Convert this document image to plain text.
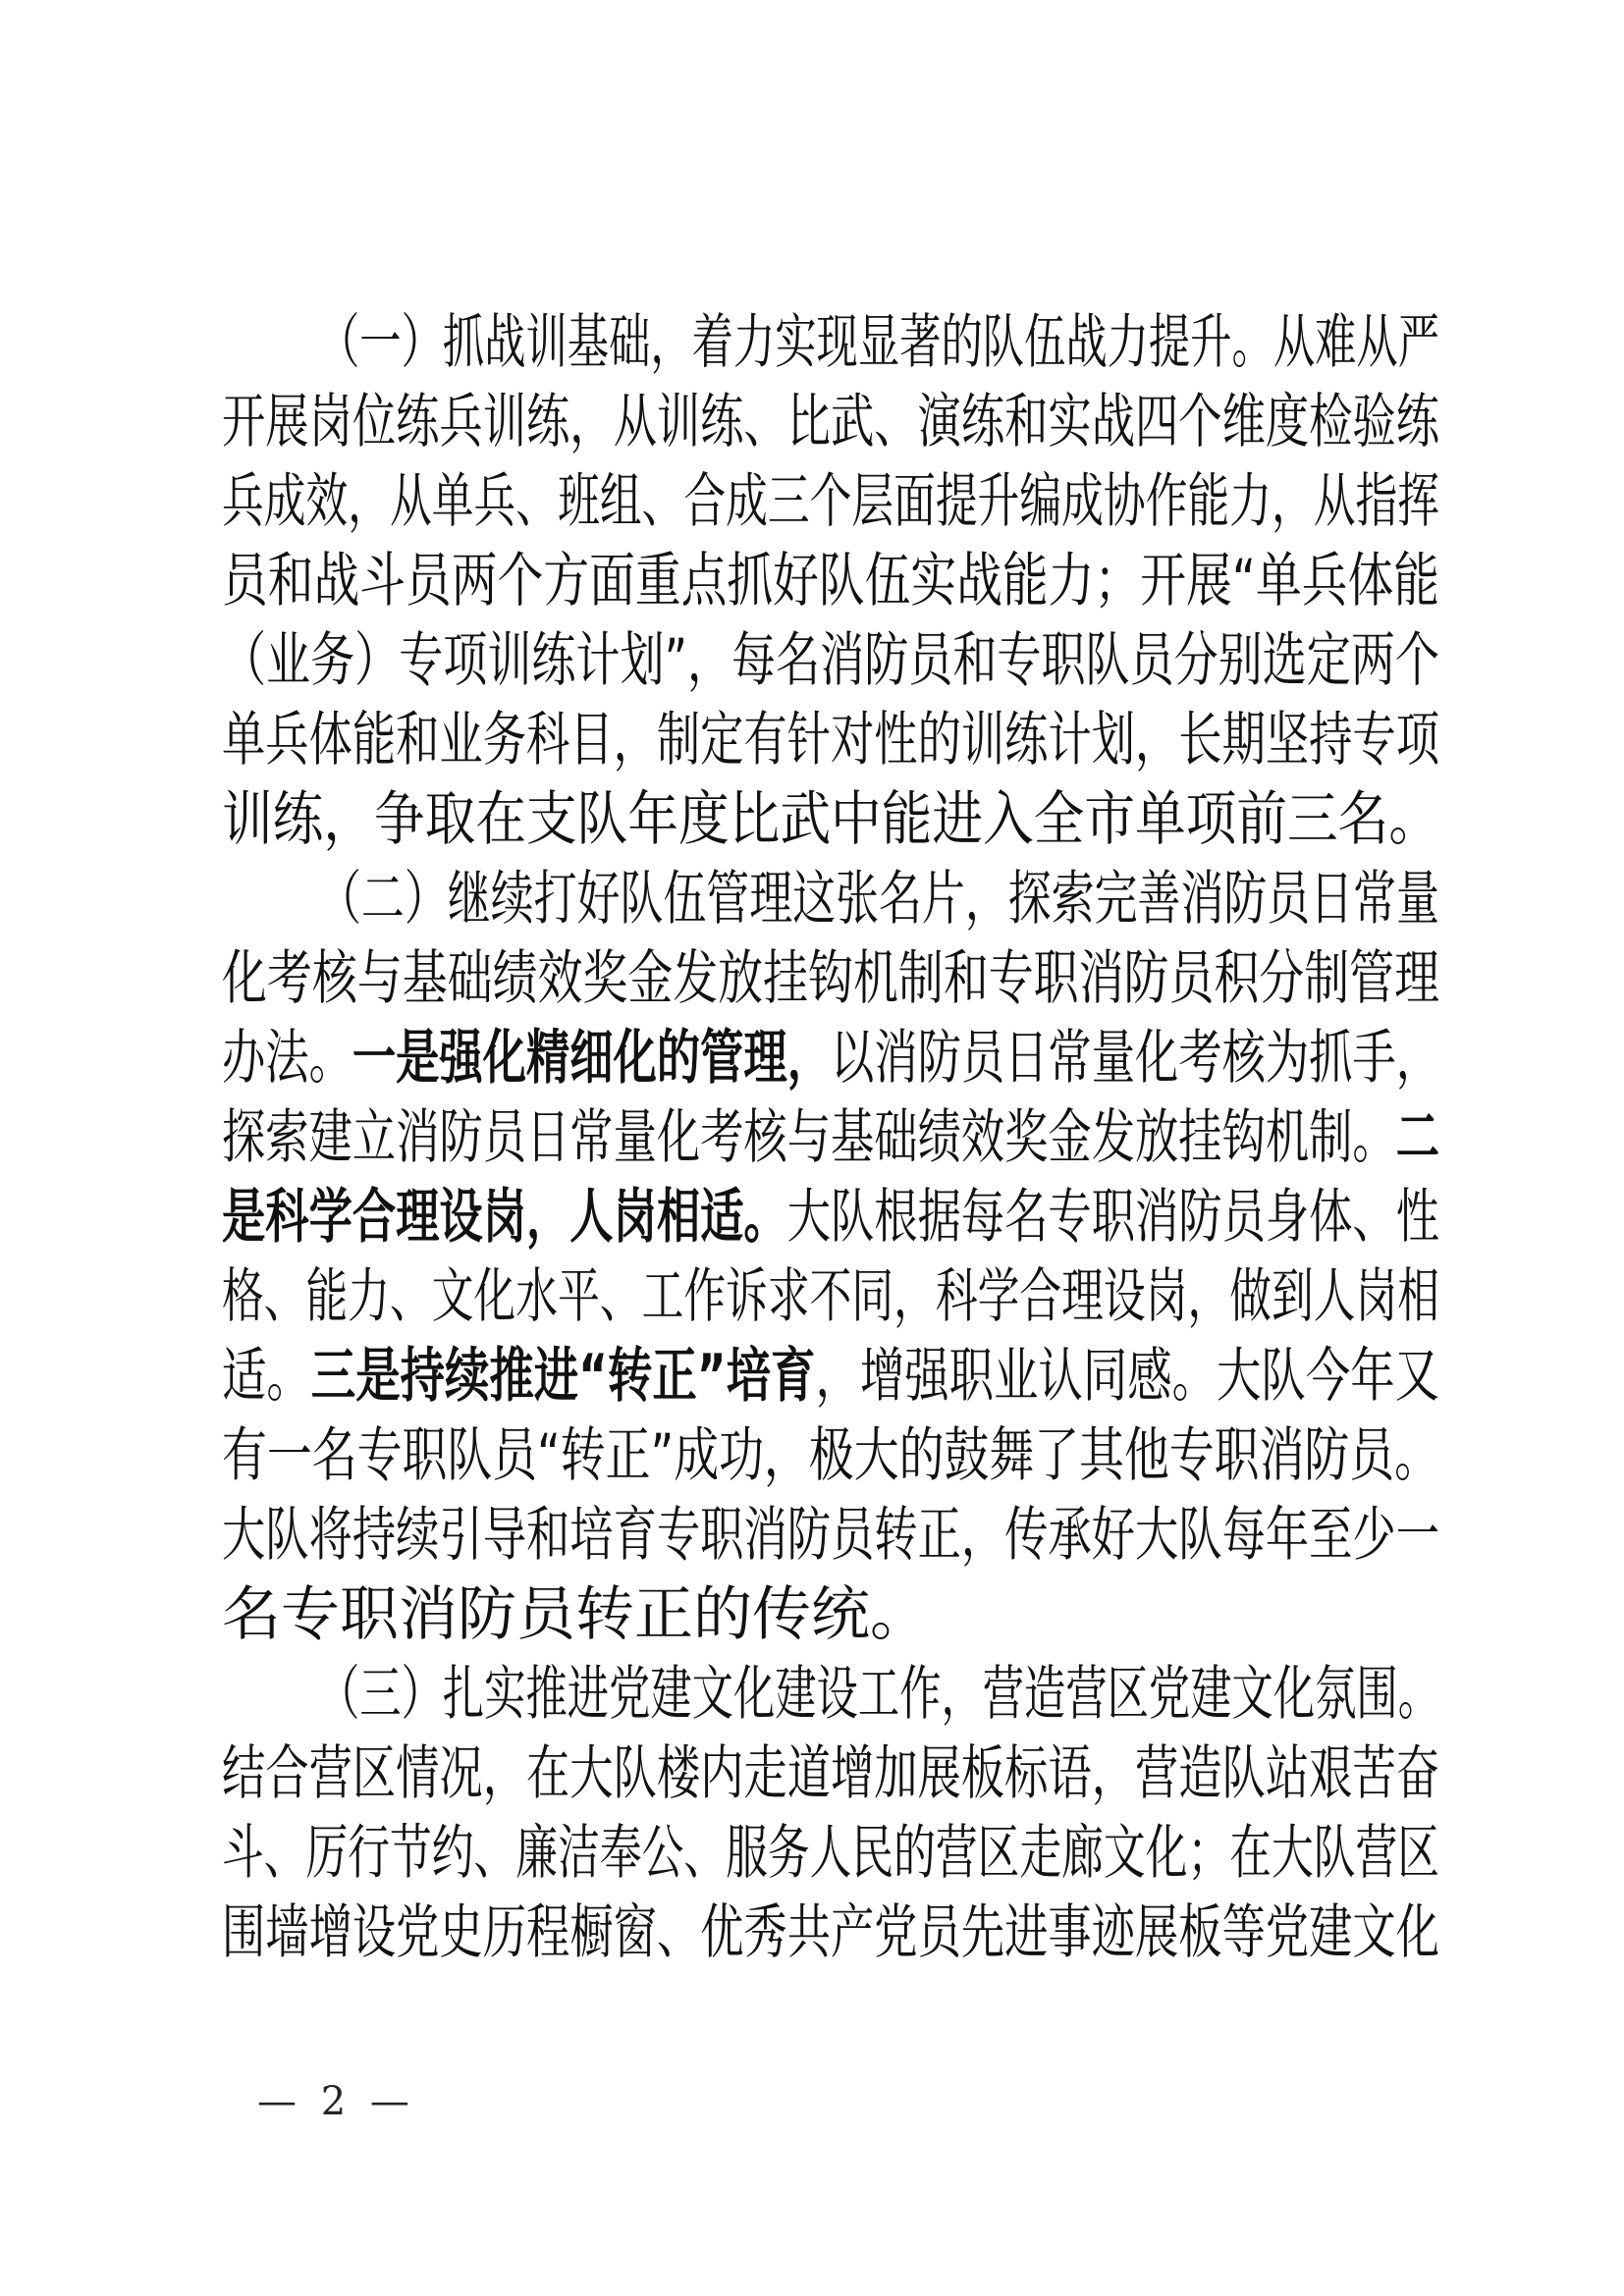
（一）抓战训基础，着力实现显著的队伍战力提升。从难从严
开展岗位练兵训练，从训练、比武、演练和实战四个维度检验练
兵成效，从单兵、班组、合成三个层面提升编成协作能力，从指挥
员和战斗员两个方面重点抓好队伍实战能力；开展“单兵体能
（业务）专项训练计划”，每名消防员和专职队员分别选定两个
单兵体能和业务科目，制定有针对性的训练计划，长期坚持专项
训练，争取在支队年度比武中能进入全市单项前三名。
（二）继续打好队伍管理这张名片，探索完善消防员日常量
化考核与基础绩效奖金发放挂钩机制和专职消防员积分制管理
办法。一是强化精细化的管理，以消防员日常量化考核为抓手，
探索建立消防员日常量化考核与基础绩效奖金发放挂钩机制。二
是科学合理设岗，人岗相适。大队根据每名专职消防员身体、性
格、能力、文化水平、工作诉求不同，科学合理设岗，做到人岗相
适。三是持续推进“转正”培育，增强职业认同感。大队今年又
有一名专职队员“转正”成功，极大的鼓舞了其他专职消防员。
大队将持续引导和培育专职消防员转正，传承好大队每年至少一
名专职消防员转正的传统。
（三）扎实推进党建文化建设工作，营造营区党建文化氛围。
结合营区情况，在大队楼内走道增加展板标语，营造队站艰苦奋
斗、厉行节约、廉洁奉公、服务人民的营区走廊文化；在大队营区
围墙增设党史历程橱窗、优秀共产党员先进事迹展板等党建文化
— 2 —
